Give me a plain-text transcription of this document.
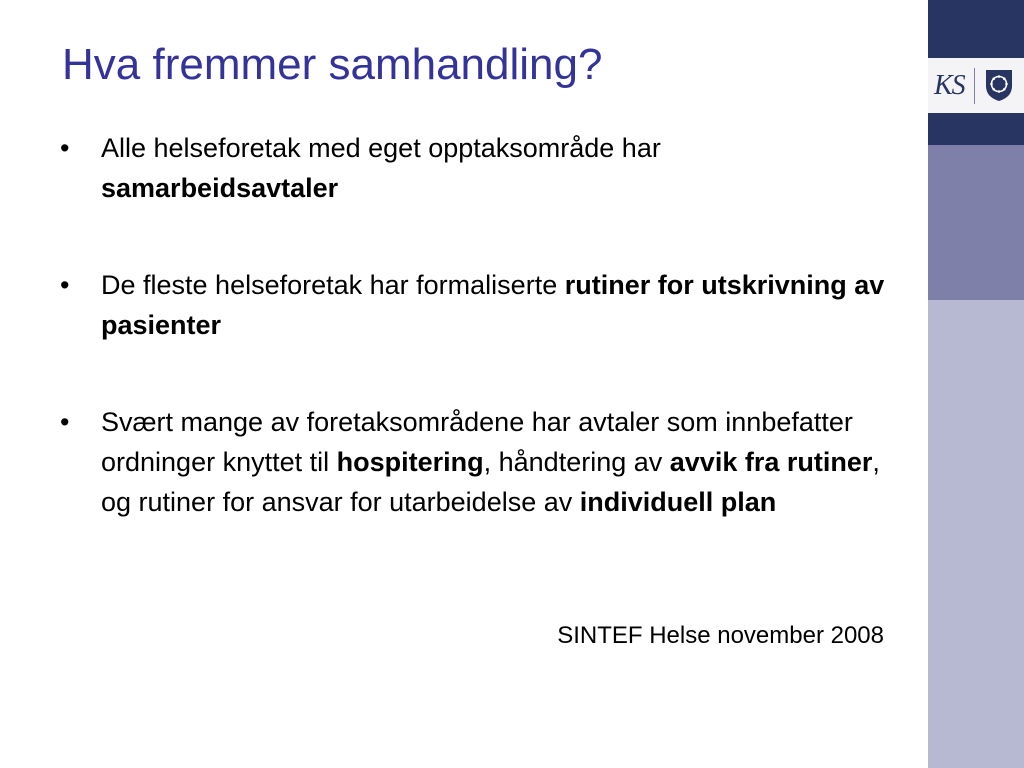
Hva fremmer samhandling?
• Alle helseforetak med eget opptaksområde har
samarbeidsavtaler
• De fleste helseforetak har formaliserte rutiner for utskrivning av pasienter
• Svært mange av foretaksområdene har avtaler som innbefatter ordninger knyttet til hospitering, håndtering av avvik fra rutiner, og rutiner for ansvar for utarbeidelse av individuell plan
SINTEF Helse november 2008
KS
